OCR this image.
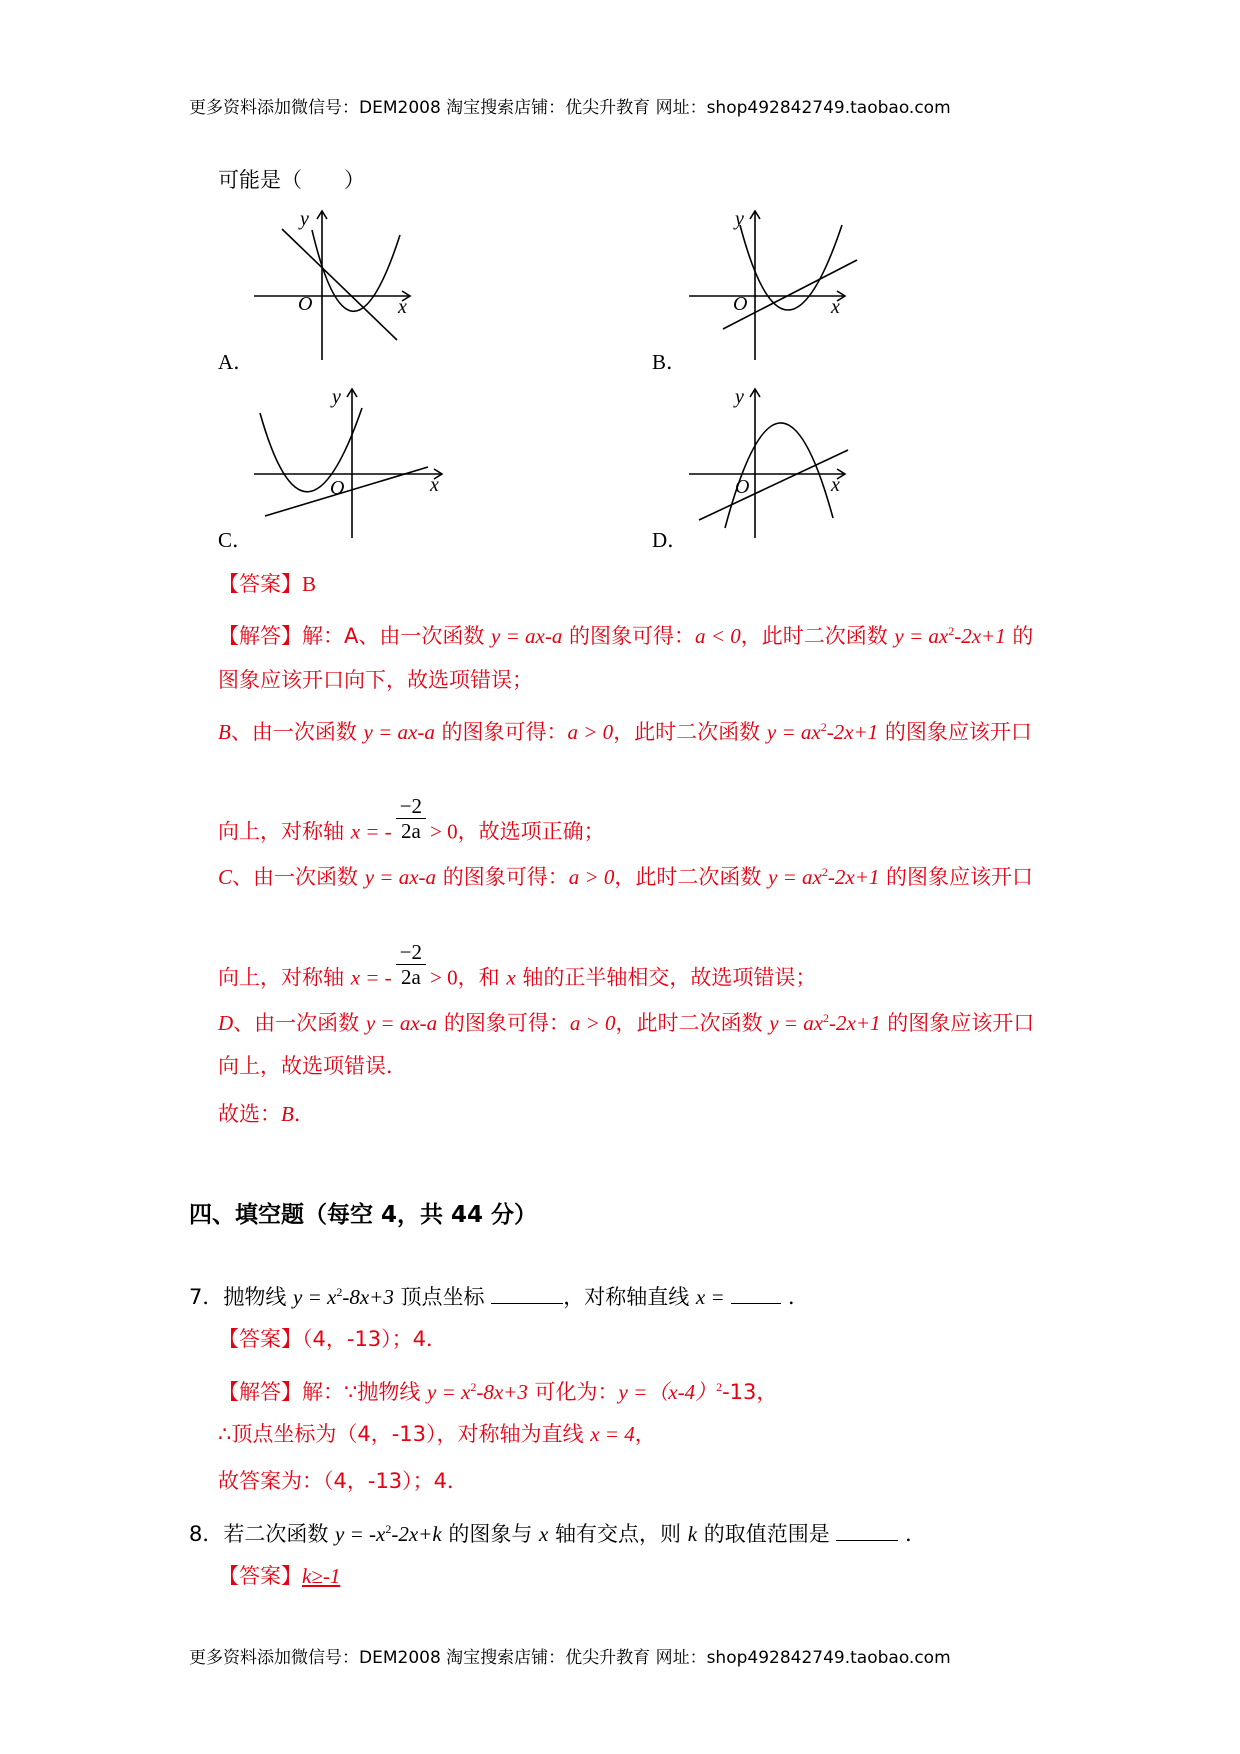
更多资料添加微信号：DEM2008 淘宝搜索店铺：优尖升教育 网址：shop492842749.taobao.com
可能是（　　）
O	x
y
A．
O	x
y
B．
O	x
y
C．
O	x
y
D．
【答案】B
【解答】解：A、由一次函数 y = ax-a 的图象可得：a < 0，此时二次函数 $y = ax^2-2x+1$ 的
图象应该开口向下，故选项错误；
B、由一次函数 y = ax-a 的图象可得：a > 0，此时二次函数 $y = ax^2-2x+1$ 的图象应该开口
向上，对称轴 x = - $\frac{-2}{2a} > 0$，故选项正确；
C、由一次函数 y = ax-a 的图象可得：a > 0，此时二次函数 $y = ax^2-2x+1$ 的图象应该开口
向上，对称轴 x = - $\frac{-2}{2a} > 0$，和 x 轴的正半轴相交，故选项错误；
D、由一次函数 y = ax-a 的图象可得：a > 0，此时二次函数 $y = ax^2-2x+1$ 的图象应该开口
向上，故选项错误．
故选：B．
四、填空题（每空 4，共 44 分）
7．抛物线 $y = x^2-8x+3$ 顶点坐标	，对称轴直线 x =	．
【答案】（4，-13）；4．
【解答】解：∵抛物线 $y = x^2-8x+3$ 可化为：$y =(x-4)^2-13$，
∴顶点坐标为（4，-13），对称轴为直线 x = 4，
故答案为：（4，-13）；4．
8．若二次函数 $y = -x^2-2x+k$ 的图象与 x 轴有交点，则 k 的取值范围是	．
【答案】k≥-1
更多资料添加微信号：DEM2008 淘宝搜索店铺：优尖升教育 网址：shop492842749.taobao.com
